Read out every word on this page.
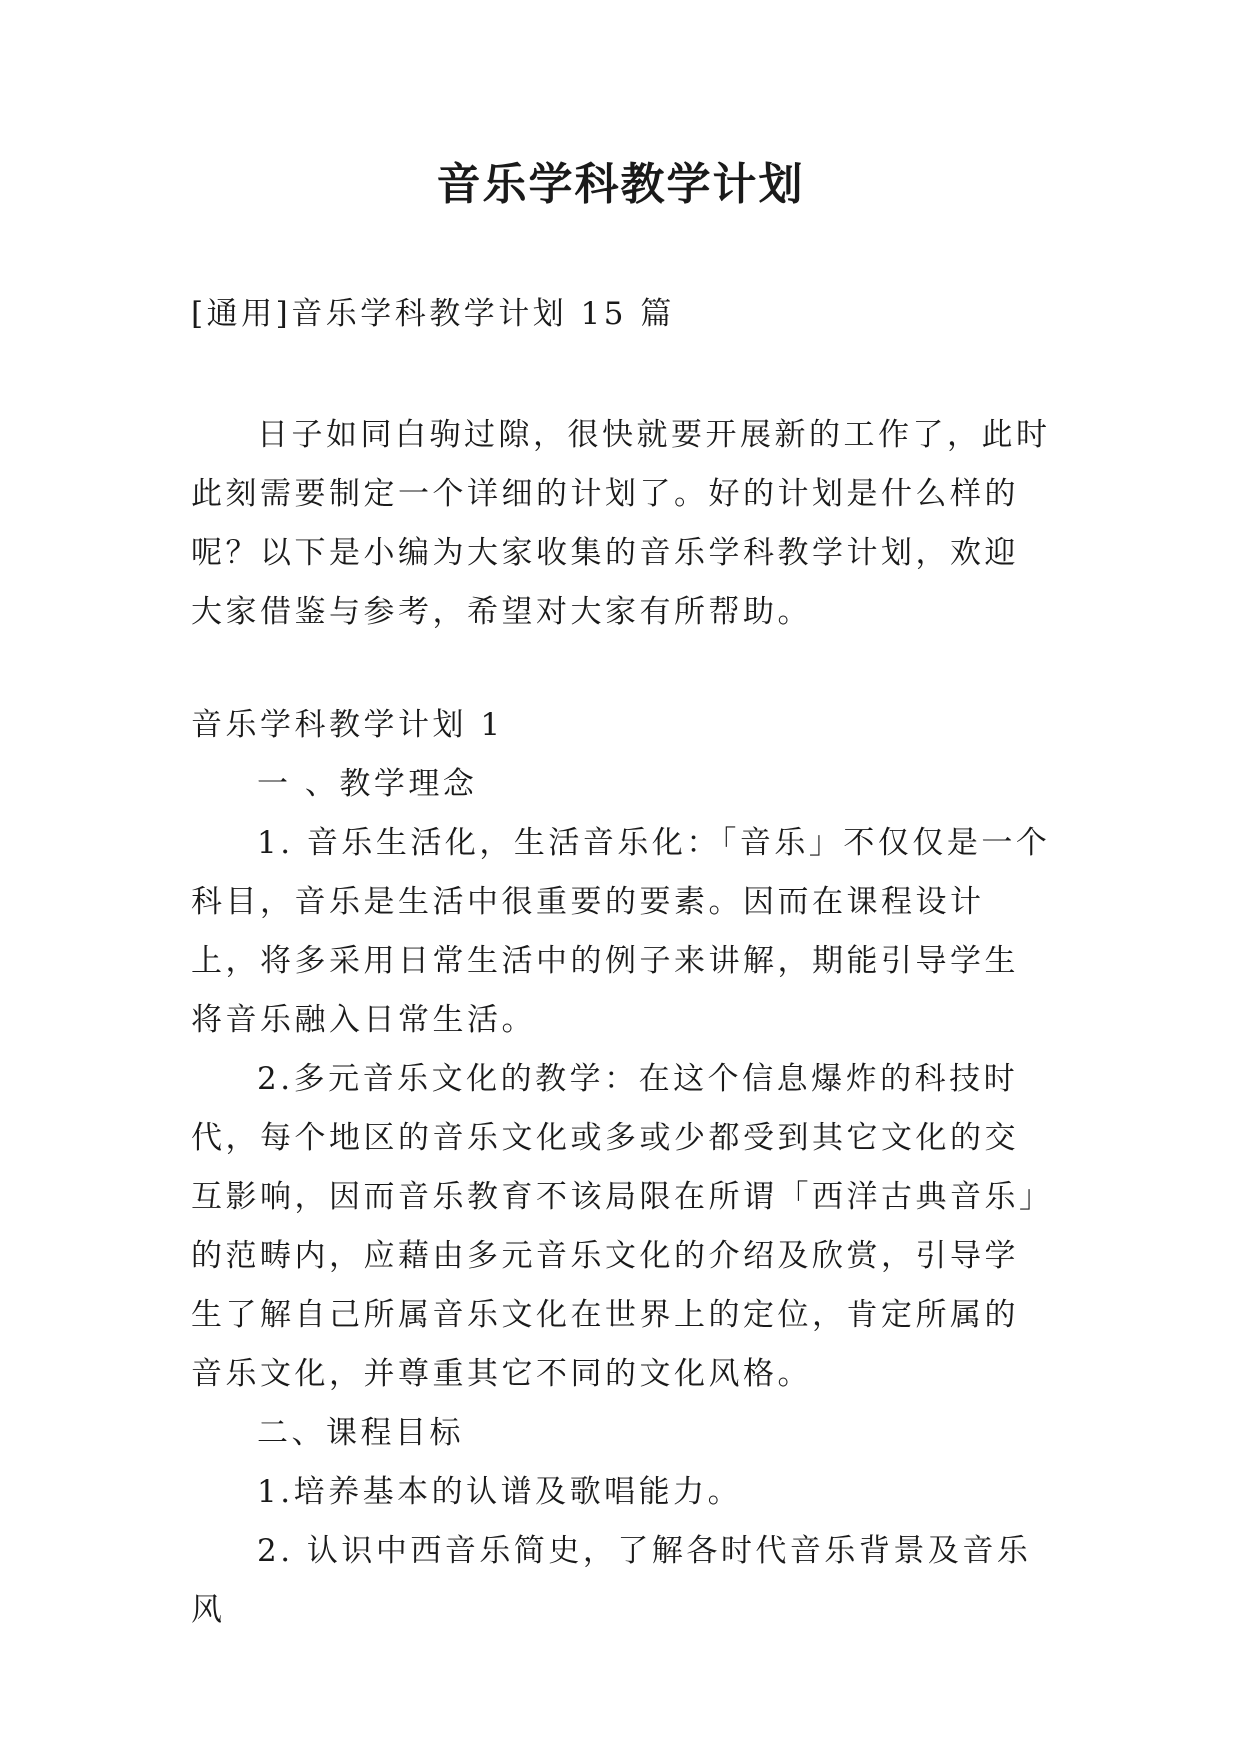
音乐学科教学计划
[通用]音乐学科教学计划 15 篇

日子如同白驹过隙，很快就要开展新的工作了，此时此刻需要制定一个详细的计划了。好的计划是什么样的呢？以下是小编为大家收集的音乐学科教学计划，欢迎大家借鉴与参考，希望对大家有所帮助。

音乐学科教学计划 1

一 、教学理念

1. 音乐生活化，生活音乐化：「音乐」不仅仅是一个科目，音乐是生活中很重要的要素。因而在课程设计上，将多采用日常生活中的例子来讲解，期能引导学生将音乐融入日常生活。

2.多元音乐文化的教学：在这个信息爆炸的科技时代，每个地区的音乐文化或多或少都受到其它文化的交互影响，因而音乐教育不该局限在所谓「西洋古典音乐」的范畴内，应藉由多元音乐文化的介绍及欣赏，引导学生了解自己所属音乐文化在世界上的定位，肯定所属的音乐文化，并尊重其它不同的文化风格。

二、课程目标

1.培养基本的认谱及歌唱能力。

2. 认识中西音乐简史，了解各时代音乐背景及音乐风
